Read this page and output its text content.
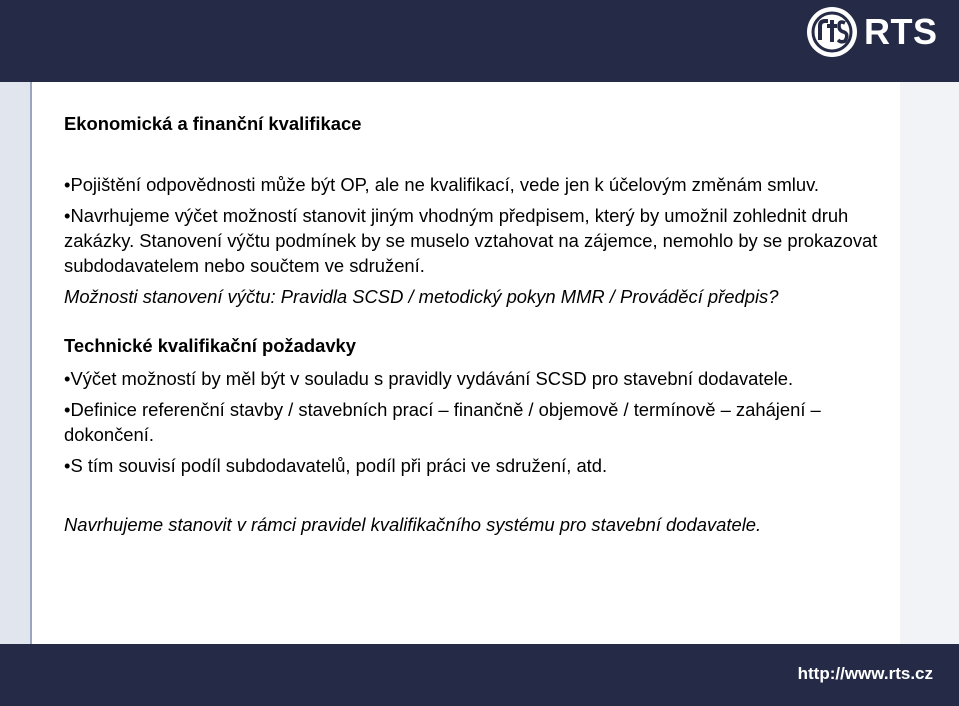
RTS

Ekonomická a finanční kvalifikace

•Pojištění odpovědnosti může být OP, ale ne kvalifikací, vede jen k účelovým změnám smluv.

•Navrhujeme výčet možností stanovit jiným vhodným předpisem, který by umožnil zohlednit druh zakázky. Stanovení výčtu podmínek by se muselo vztahovat na zájemce, nemohlo by se prokazovat subdodavatelem nebo součtem ve sdružení.

Možnosti stanovení výčtu: Pravidla SCSD / metodický pokyn MMR / Prováděcí předpis?

Technické kvalifikační požadavky

•Výčet možností by měl být v souladu s pravidly vydávání SCSD pro stavební dodavatele.

•Definice referenční stavby / stavebních prací – finančně / objemově / termínově – zahájení – dokončení.

•S tím souvisí podíl subdodavatelů, podíl při práci ve sdružení, atd.

Navrhujeme stanovit v rámci pravidel kvalifikačního systému pro stavební dodavatele.

http://www.rts.cz
